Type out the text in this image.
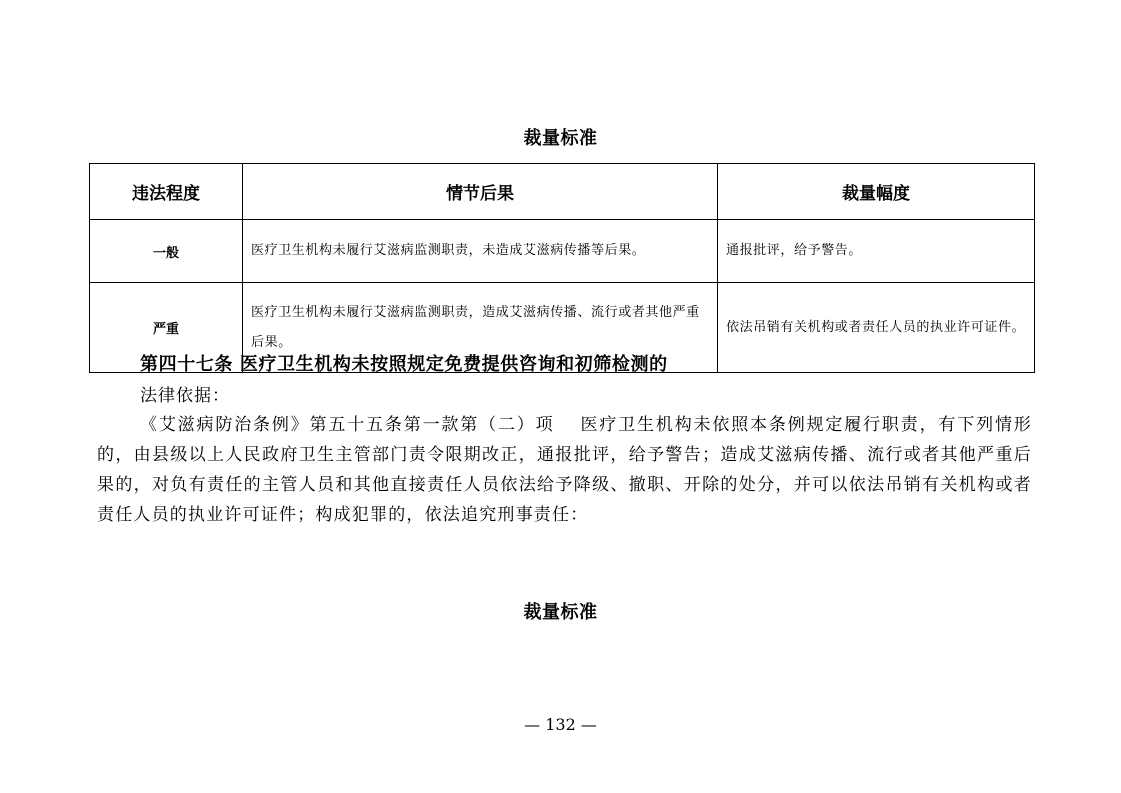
裁量标准
违法程度	情节后果	裁量幅度
一般	医疗卫生机构未履行艾滋病监测职责，未造成艾滋病传播等后果。	通报批评，给予警告。
严重	医疗卫生机构未履行艾滋病监测职责，造成艾滋病传播、流行或者其他严重后果。	依法吊销有关机构或者责任人员的执业许可证件。
第四十七条 医疗卫生机构未按照规定免费提供咨询和初筛检测的
法律依据：
《艾滋病防治条例》第五十五条第一款第（二）项　 医疗卫生机构未依照本条例规定履行职责，有下列情形的，由县级以上人民政府卫生主管部门责令限期改正，通报批评，给予警告；造成艾滋病传播、流行或者其他严重后果的，对负有责任的主管人员和其他直接责任人员依法给予降级、撤职、开除的处分，并可以依法吊销有关机构或者责任人员的执业许可证件；构成犯罪的，依法追究刑事责任：
裁量标准
— 132 —
